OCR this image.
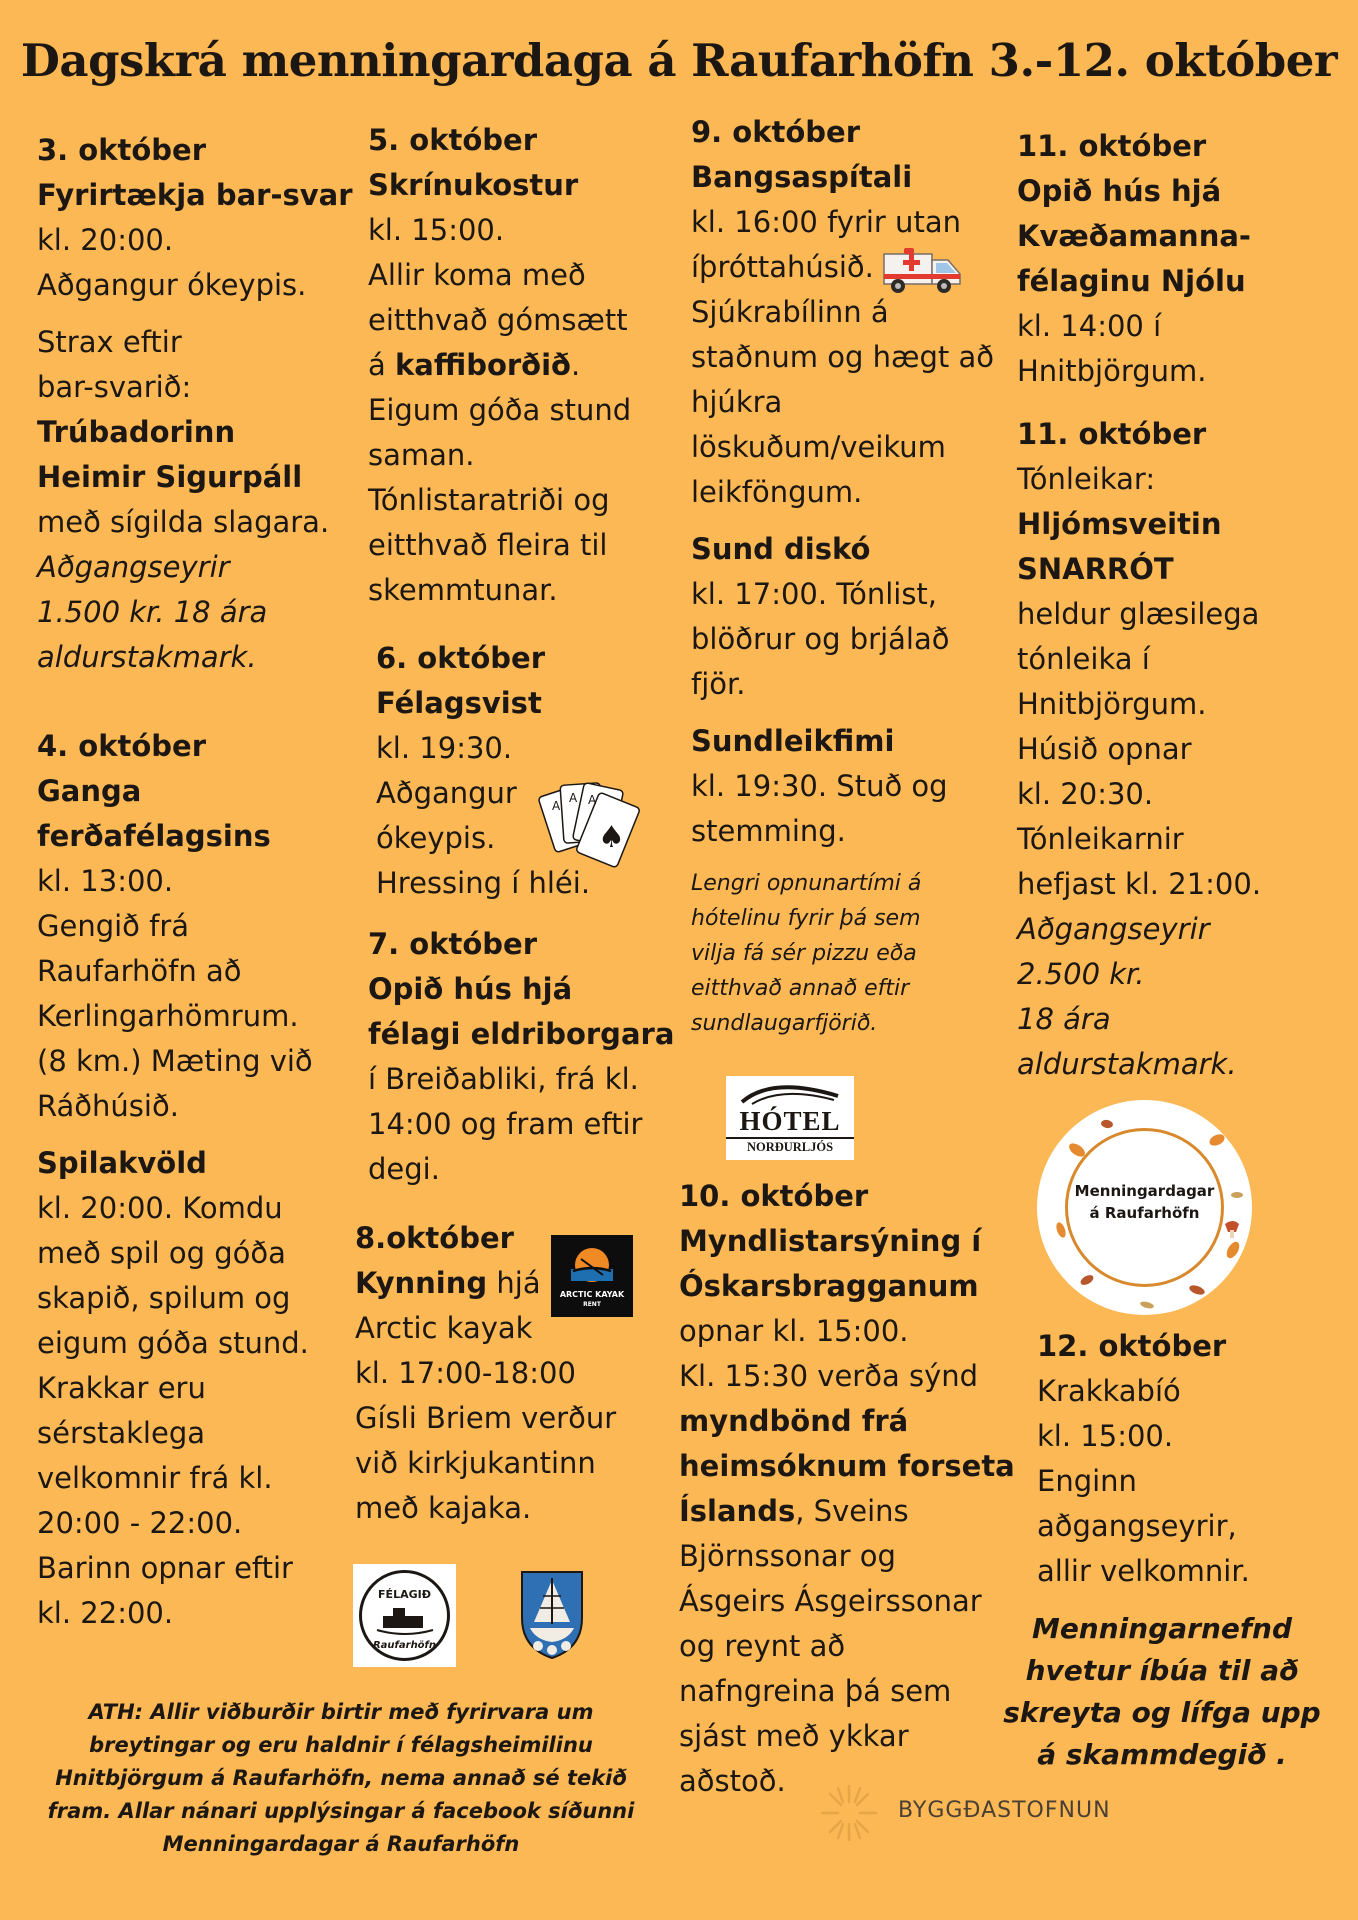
Dagskrá menningardaga á Raufarhöfn 3.-12. október
3. október
Fyrirtækja bar-svar
kl. 20:00.
Aðgangur ókeypis.
Strax eftir
bar-svarið:
Trúbadorinn
Heimir Sigurpáll
með sígilda slagara.
Aðgangseyrir
1.500 kr. 18 ára
aldurstakmark.
4. október
Ganga
ferðafélagsins
kl. 13:00.
Gengið frá
Raufarhöfn að
Kerlingarhömrum.
(8 km.) Mæting við
Ráðhúsið.
Spilakvöld
kl. 20:00. Komdu
með spil og góða
skapið, spilum og
eigum góða stund.
Krakkar eru
sérstaklega
velkomnir frá kl.
20:00 - 22:00.
Barinn opnar eftir
kl. 22:00.
5. október
Skrínukostur
kl. 15:00.
Allir koma með
eitthvað gómsætt
á kaffiborðið.
Eigum góða stund
saman.
Tónlistaratriði og
eitthvað fleira til
skemmtunar.
6. október
Félagsvist
kl. 19:30.
Aðgangur
ókeypis.
Hressing í hléi.
7. október
Opið hús hjá
félagi eldriborgara
í Breiðabliki, frá kl.
14:00 og fram eftir
degi.
8.október
Kynning hjá
Arctic kayak
kl. 17:00-18:00
Gísli Briem verður
við kirkjukantinn
með kajaka.
9. október
Bangsaspítali
kl. 16:00 fyrir utan
íþróttahúsið.
Sjúkrabílinn á
staðnum og hægt að
hjúkra
löskuðum/veikum
leikföngum.
Sund diskó
kl. 17:00. Tónlist,
blöðrur og brjálað
fjör.
Sundleikfimi
kl. 19:30. Stuð og
stemming.
Lengri opnunartími á
hótelinu fyrir þá sem
vilja fá sér pizzu eða
eitthvað annað eftir
sundlaugarfjörið.
10. október
Myndlistarsýning í
Óskarsbragganum
opnar kl. 15:00.
Kl. 15:30 verða sýnd
myndbönd frá
heimsóknum forseta
Íslands, Sveins
Björnssonar og
Ásgeirs Ásgeirssonar
og reynt að
nafngreina þá sem
sjást með ykkar
aðstoð.
11. október
Opið hús hjá
Kvæðamanna-
félaginu Njólu
kl. 14:00 í
Hnitbjörgum.
11. október
Tónleikar:
Hljómsveitin
SNARRÓT
heldur glæsilega
tónleika í
Hnitbjörgum.
Húsið opnar
kl. 20:30.
Tónleikarnir
hefjast kl. 21:00.
Aðgangseyrir
2.500 kr.
18 ára
aldurstakmark.
12. október
Krakkabíó
kl. 15:00.
Enginn
aðgangseyrir,
allir velkomnir.
Menningarnefnd
hvetur íbúa til að
skreyta og lífga upp
á skammdegið .
ATH: Allir viðburðir birtir með fyrirvara um
breytingar og eru haldnir í félagsheimilinu
Hnitbjörgum á Raufarhöfn, nema annað sé tekið
fram. Allar nánari upplýsingar á facebook síðunni
Menningardagar á Raufarhöfn
A
A A
♠
ARCTIC KAYAK
RENT
HÓTEL
NORÐURLJÓS
Menningardagar
á Raufarhöfn
FÉLAGIÐ
Raufarhöfn
BYGGÐASTOFNUN
